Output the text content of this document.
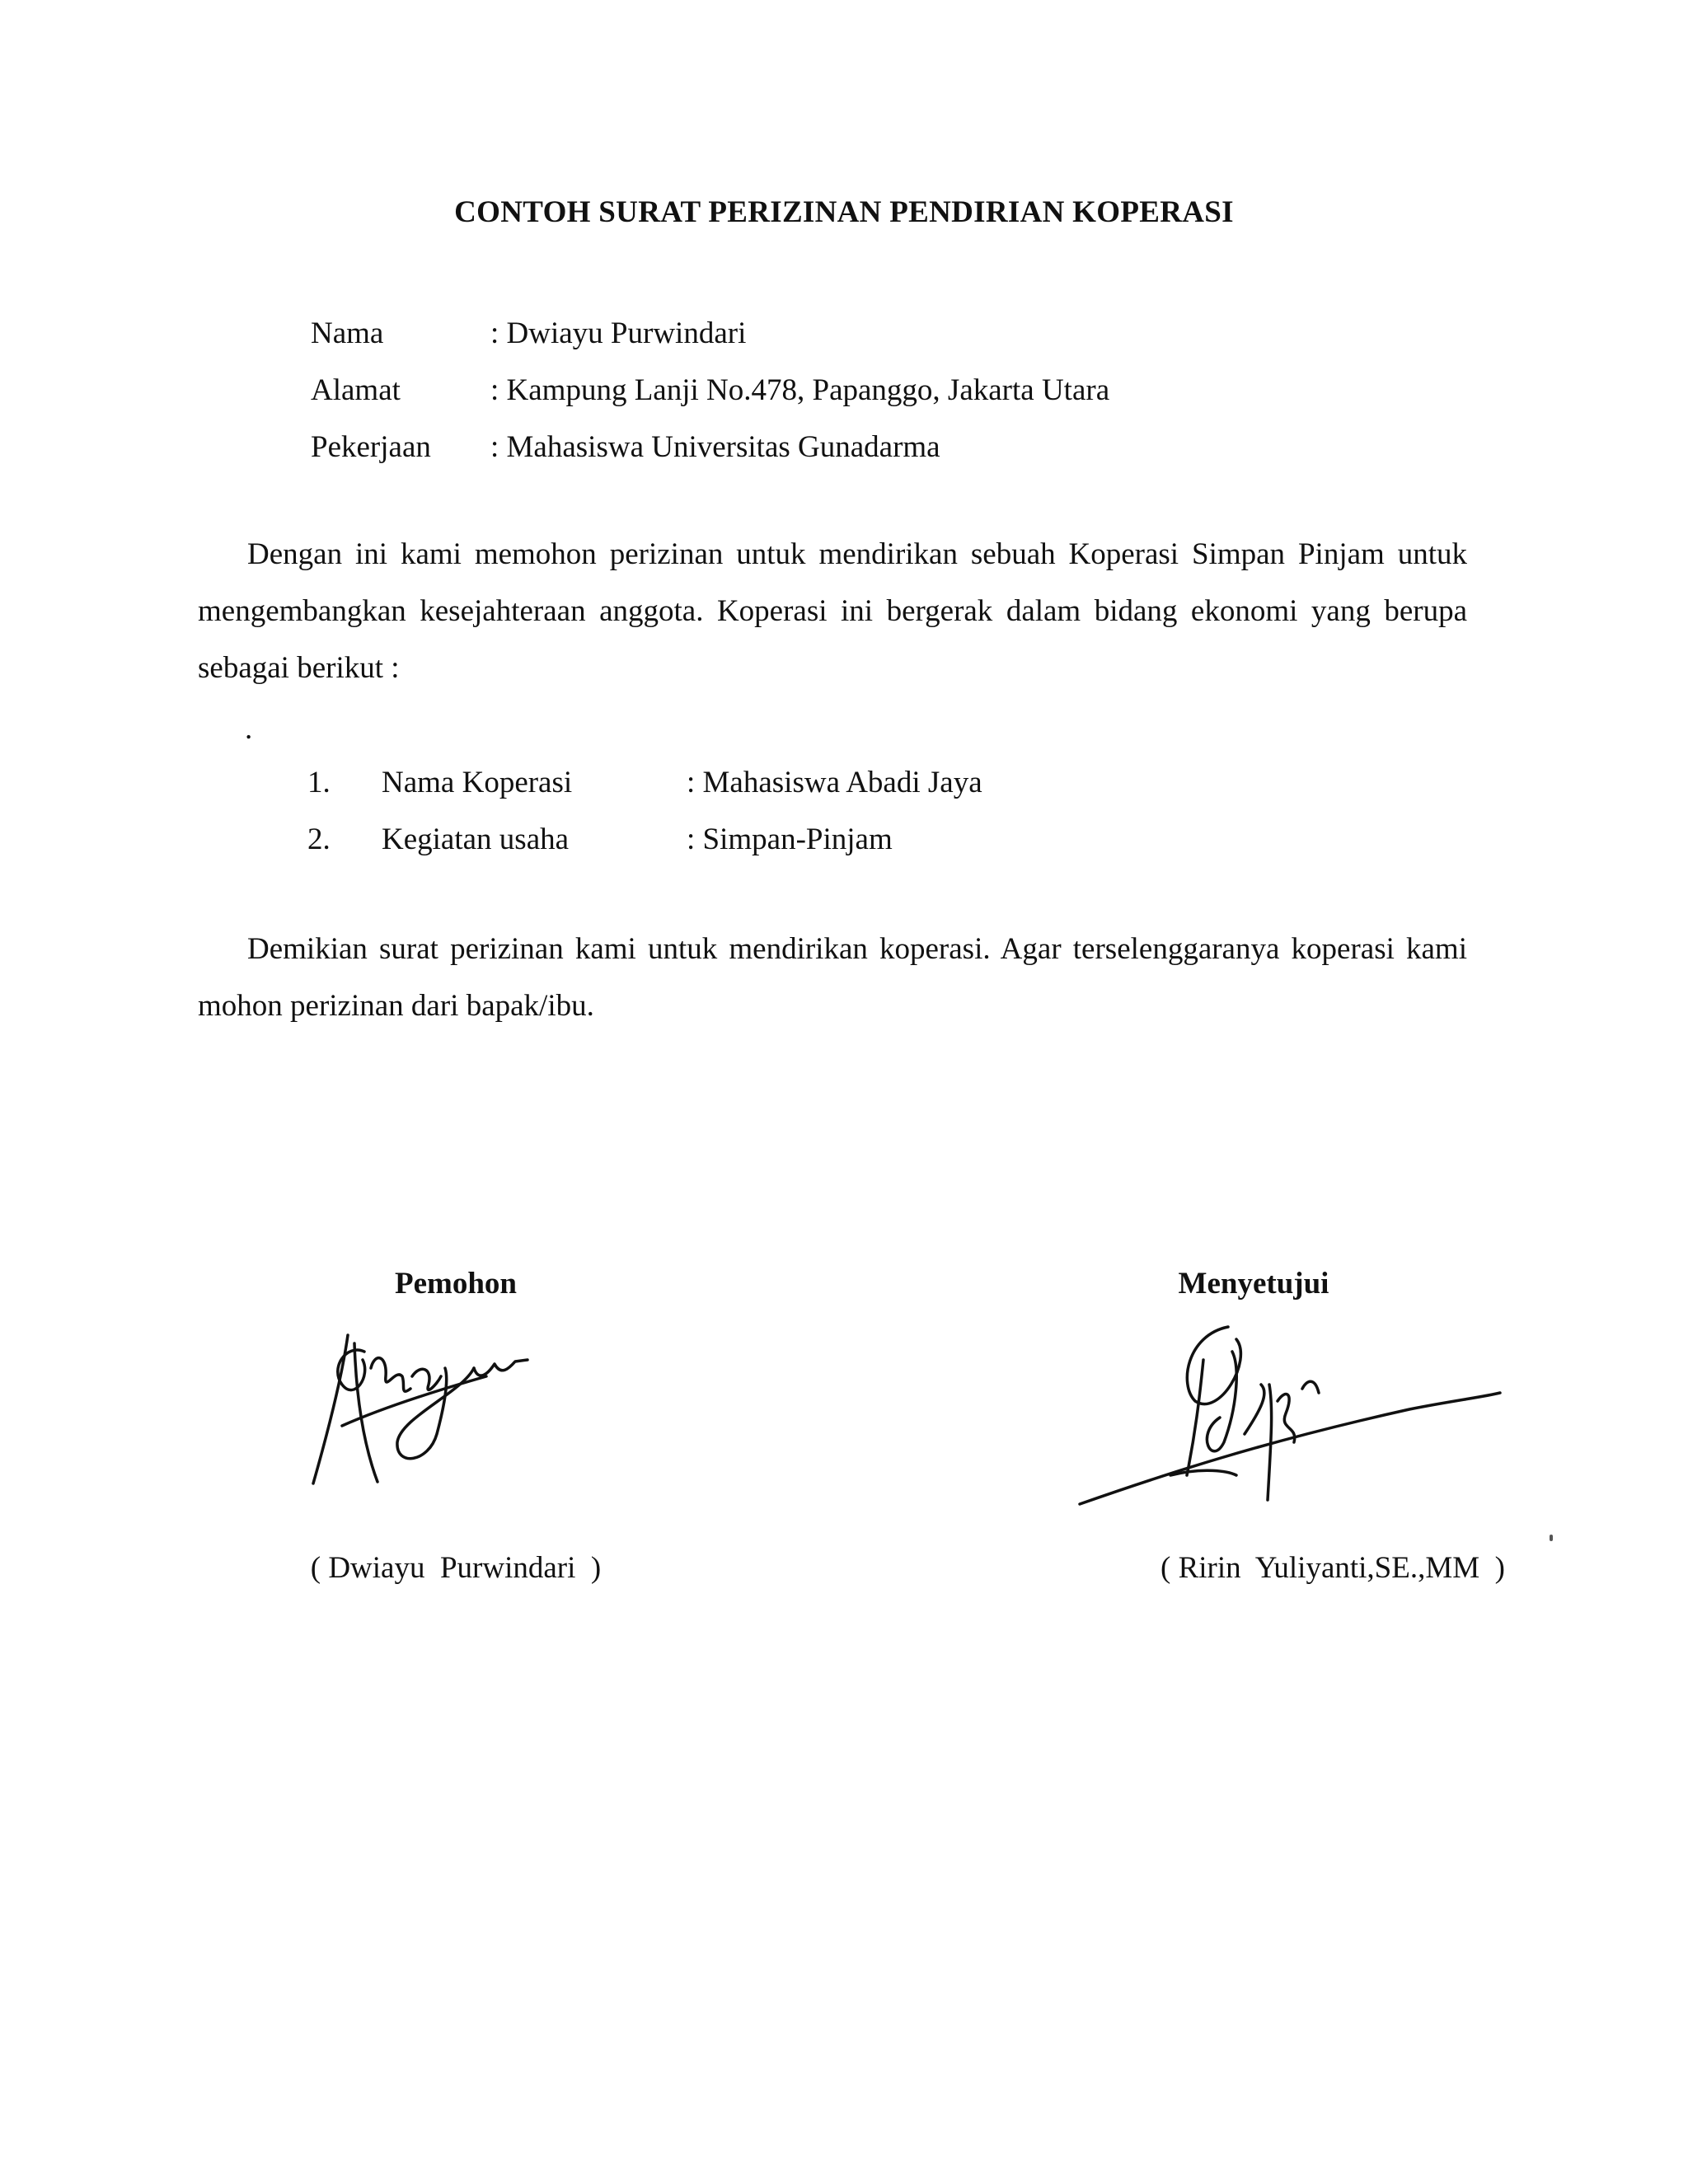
CONTOH SURAT PERIZINAN PENDIRIAN KOPERASI
Nama	: Dwiayu Purwindari
Alamat	: Kampung Lanji No.478, Papanggo, Jakarta Utara
Pekerjaan : Mahasiswa Universitas Gunadarma
Dengan ini kami memohon perizinan untuk mendirikan sebuah Koperasi Simpan Pinjam untuk mengembangkan kesejahteraan anggota. Koperasi ini bergerak dalam bidang ekonomi yang berupa sebagai berikut :
.
1. Nama Koperasi	: Mahasiswa Abadi Jaya
2. Kegiatan usaha	: Simpan-Pinjam
Demikian surat perizinan kami untuk mendirikan koperasi. Agar terselenggaranya koperasi kami mohon perizinan dari bapak/ibu.
Pemohon	Menyetujui
( Dwiayu  Purwindari  )	( Ririn  Yuliyanti,SE.,MM  )
